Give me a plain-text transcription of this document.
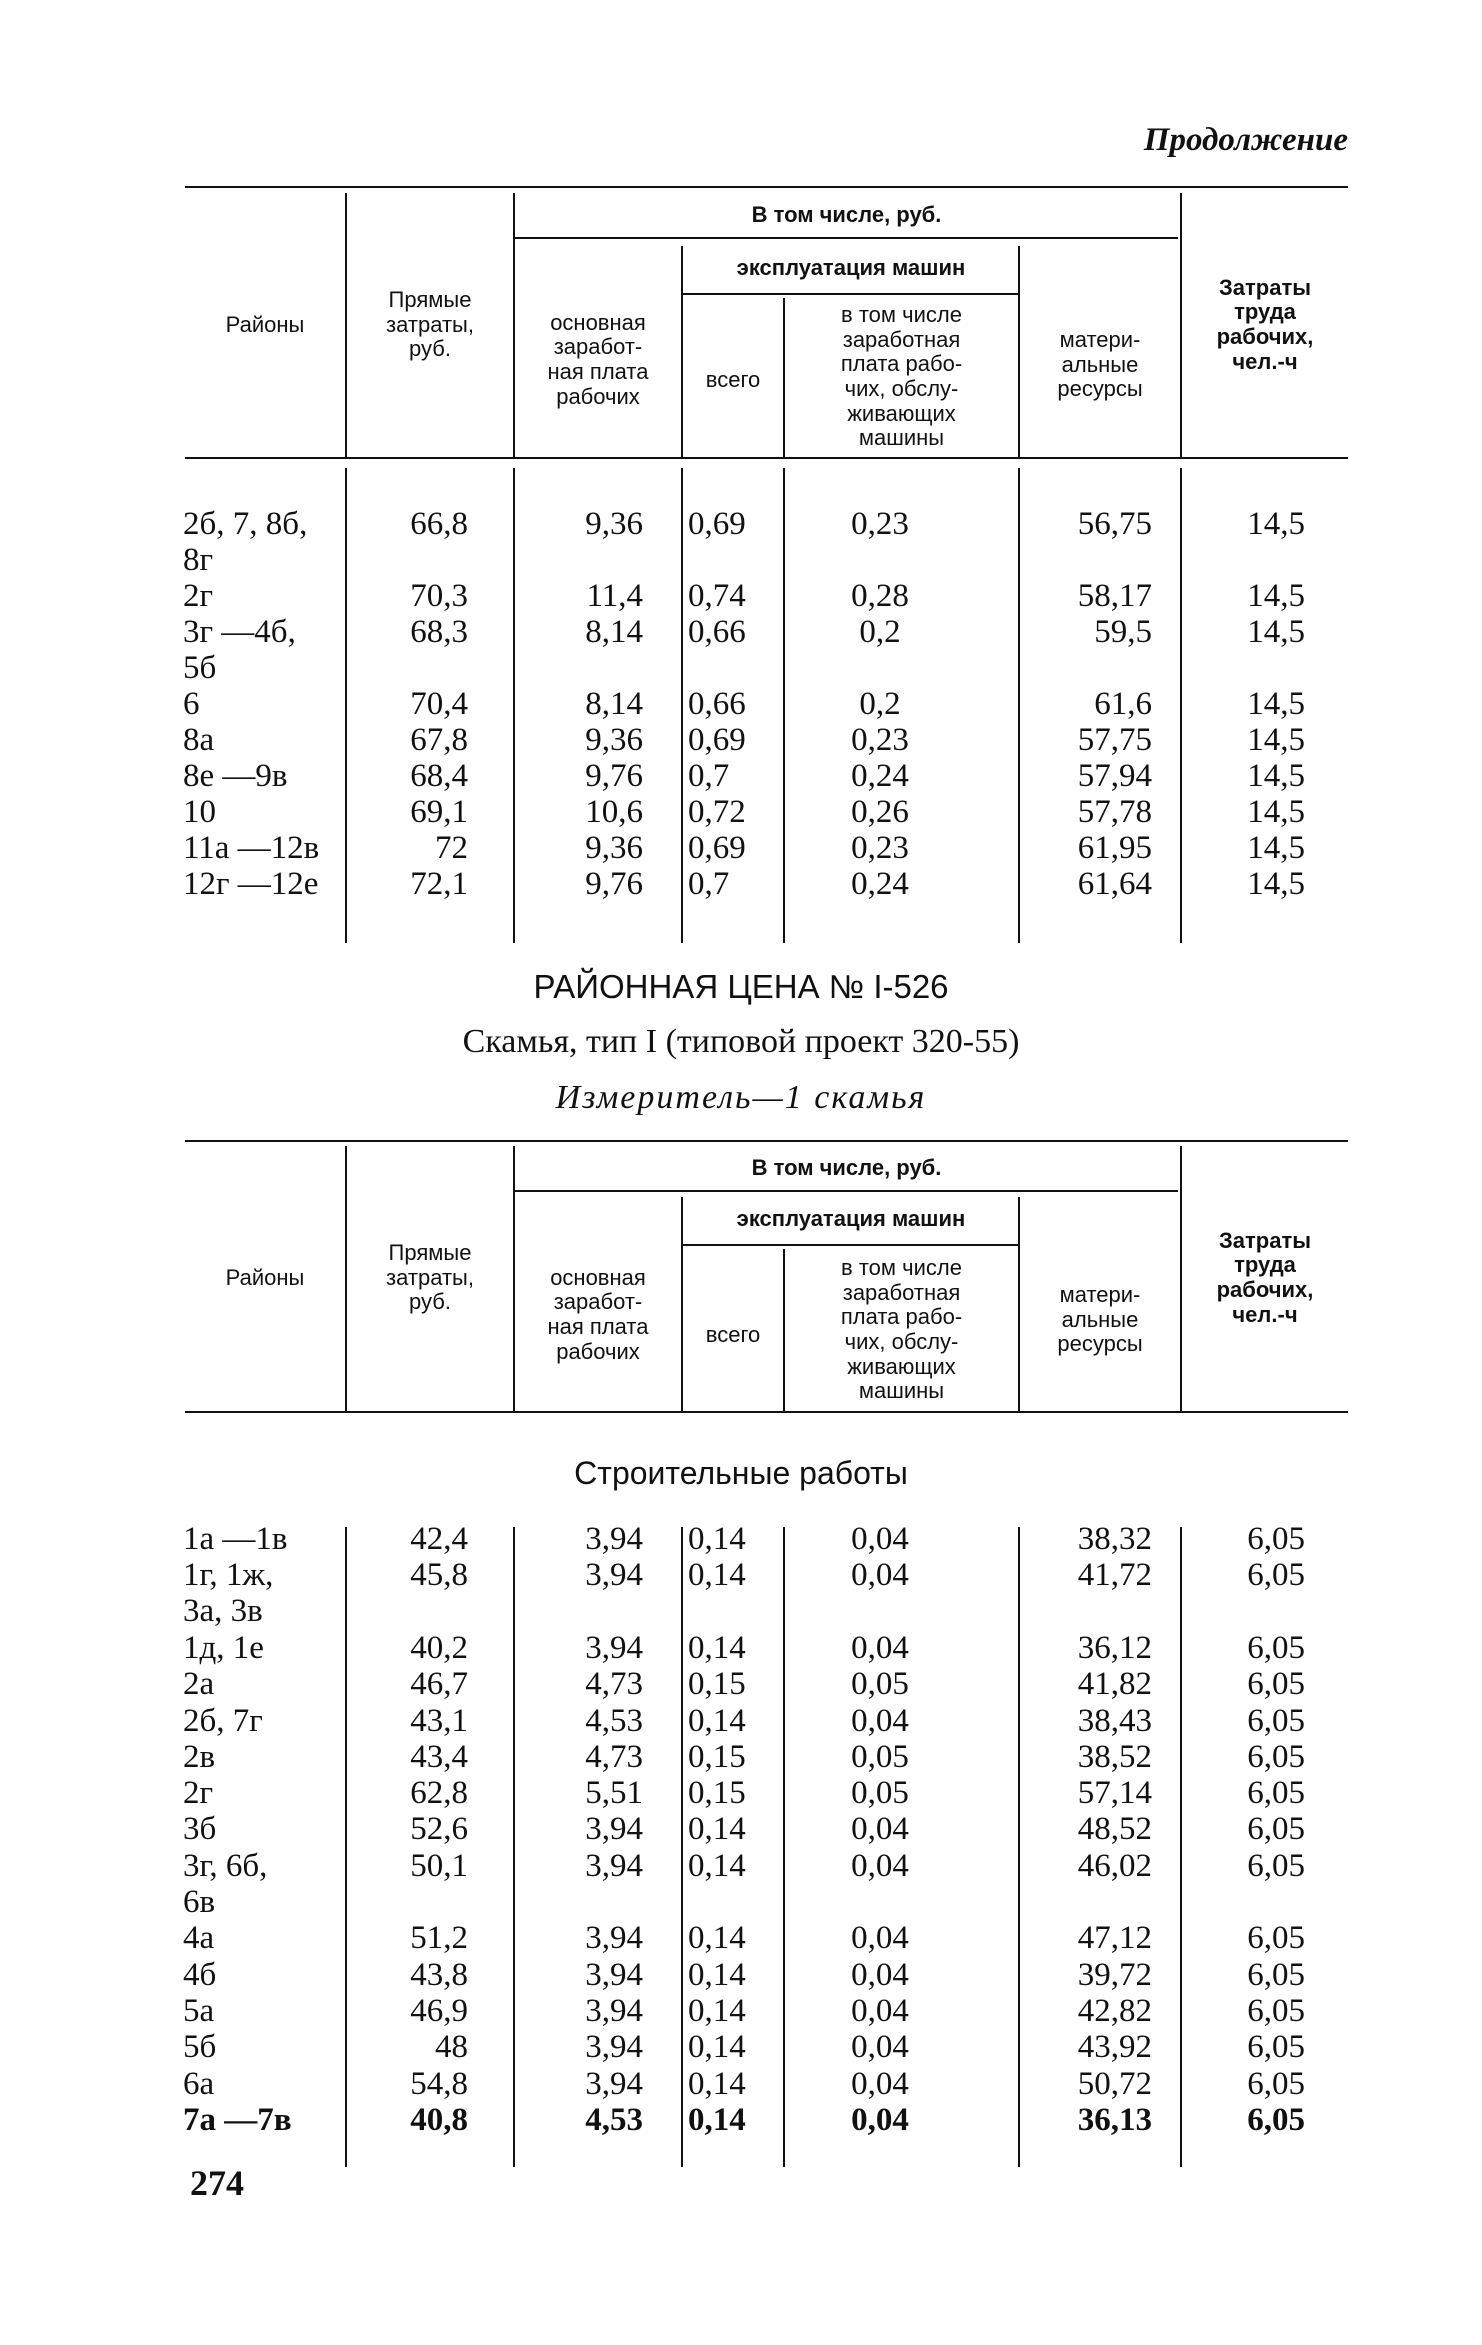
Продолжение
Районы
Прямые
затраты,
руб.
В том числе, руб.
основная
заработ-
ная плата
рабочих
эксплуатация машин
всего
в том числе
заработная
плата рабо-
чих, обслу-
живающих
машины
матери-
альные
ресурсы
Затраты
труда
рабочих,
чел.-ч
2б, 7, 8б,
8г
66,8	9,36 0,69	0,23	56,75	14,5
2г	70,3	11,4 0,74	0,28	58,17	14,5
3г —4б,
5б
68,3	8,14 0,66	0,2	59,5	14,5
6	70,4	8,14 0,66	0,2	61,6	14,5
8а	67,8	9,36 0,69	0,23	57,75	14,5
8е —9в	68,4	9,76 0,7	0,24	57,94	14,5
10	69,1	10,6 0,72	0,26	57,78	14,5
11а —12в	72	9,36 0,69	0,23	61,95	14,5
12г —12е	72,1	9,76 0,7	0,24	61,64	14,5
РАЙОННАЯ ЦЕНА № I-526
Скамья, тип I (типовой проект 320-55)
Измеритель—1 скамья
Районы
Прямые
затраты,
руб.
В том числе, руб.
основная
заработ-
ная плата
рабочих
эксплуатация машин
всего
в том числе
заработная
плата рабо-
чих, обслу-
живающих
машины
матери-
альные
ресурсы
Затраты
труда
рабочих,
чел.-ч
Строительные работы
1а —1в	42,4	3,94 0,14	0,04	38,32	6,05
1г, 1ж,
3а, 3в
45,8	3,94 0,14	0,04	41,72	6,05
1д, 1е	40,2	3,94 0,14	0,04	36,12	6,05
2а	46,7	4,73 0,15	0,05	41,82	6,05
2б, 7г	43,1	4,53 0,14	0,04	38,43	6,05
2в	43,4	4,73 0,15	0,05	38,52	6,05
2г	62,8	5,51 0,15	0,05	57,14	6,05
3б	52,6	3,94 0,14	0,04	48,52	6,05
3г, 6б,
6в
50,1	3,94 0,14	0,04	46,02	6,05
4а	51,2	3,94 0,14	0,04	47,12	6,05
4б	43,8	3,94 0,14	0,04	39,72	6,05
5а	46,9	3,94 0,14	0,04	42,82	6,05
5б	48	3,94 0,14	0,04	43,92	6,05
6а	54,8	3,94 0,14	0,04	50,72	6,05
7а —7в	40,8	4,53 0,14	0,04	36,13	6,05
274
